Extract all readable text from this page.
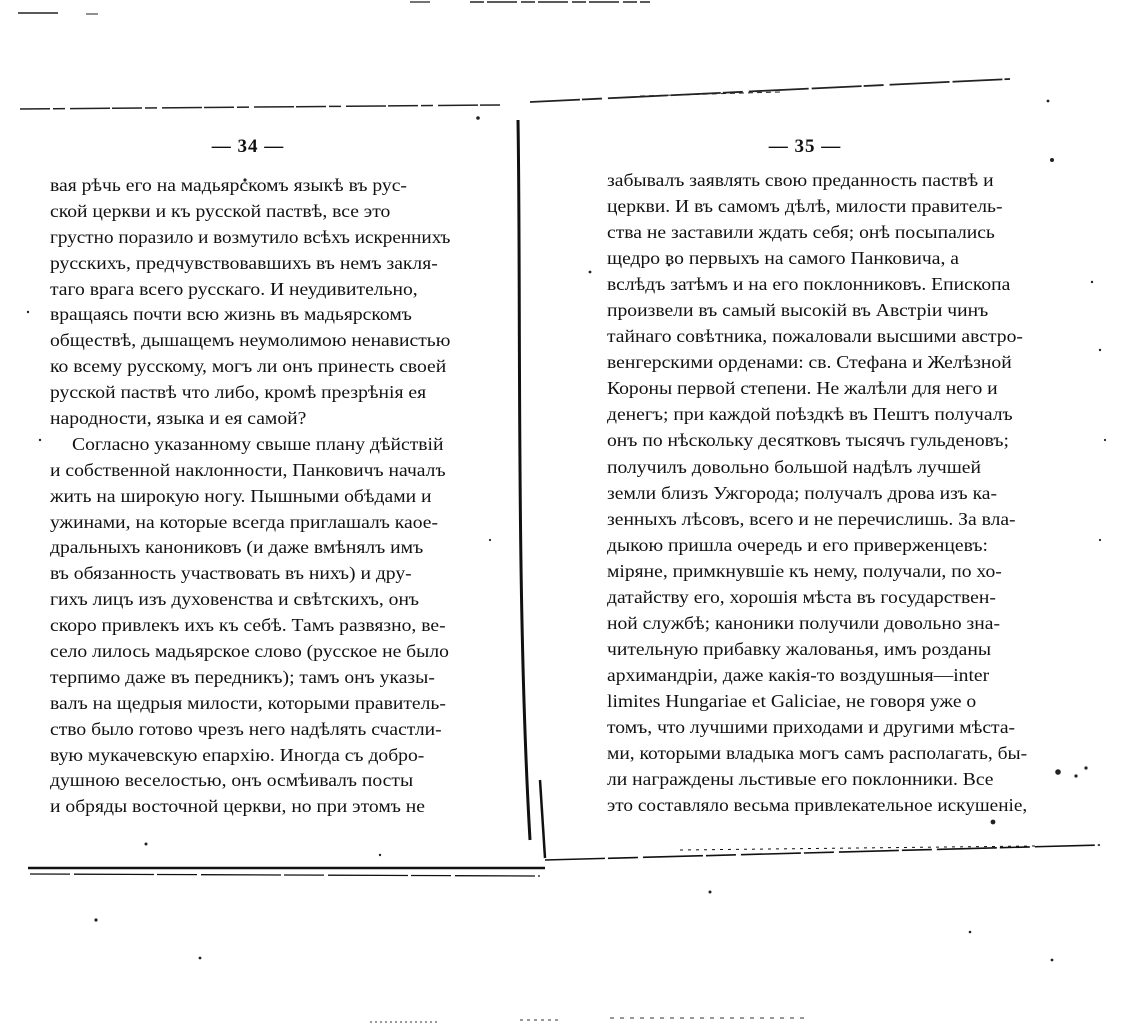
— 34 —	— 35 —
вая рѣчь его на мадьярскомъ языкѣ въ рус-
ской церкви и къ русской паствѣ, все это
грустно поразило и возмутило всѣхъ искреннихъ
русскихъ, предчувствовавшихъ въ немъ закля-
таго врага всего русскаго. И неудивительно,
вращаясь почти всю жизнь въ мадьярскомъ
обществѣ, дышащемъ неумолимою ненавистью
ко всему русскому, могъ ли онъ принесть своей
русской паствѣ что либо, кромѣ презрѣнія ея
народности, языка и ея самой?
Согласно указанному свыше плану дѣйствій
и собственной наклонности, Панковичъ началъ
жить на широкую ногу. Пышными обѣдами и
ужинами, на которые всегда приглашалъ каое-
дральныхъ канониковъ (и даже вмѣнялъ имъ
въ обязанность участвовать въ нихъ) и дру-
гихъ лицъ изъ духовенства и свѣтскихъ, онъ
скоро привлекъ ихъ къ себѣ. Тамъ развязно, ве-
село лилось мадьярское слово (русское не было
терпимо даже въ передникъ); тамъ онъ указы-
валъ на щедрыя милости, которыми правитель-
ство было готово чрезъ него надѣлять счастли-
вую мукачевскую епархію. Иногда съ добро-
душною веселостью, онъ осмѣивалъ посты
и обряды восточной церкви, но при этомъ не
забывалъ заявлять свою преданность паствѣ и
церкви. И въ самомъ дѣлѣ, милости правитель-
ства не заставили ждать себя; онѣ посыпались
щедро во первыхъ на самого Панковича, а
вслѣдъ затѣмъ и на его поклонниковъ. Епископа
произвели въ самый высокій въ Австріи чинъ
тайнаго совѣтника, пожаловали высшими австро-
венгерскими орденами: св. Стефана и Желѣзной
Короны первой степени. Не жалѣли для него и
денегъ; при каждой поѣздкѣ въ Пештъ получалъ
онъ по нѣскольку десятковъ тысячъ гульденовъ;
получилъ довольно большой надѣлъ лучшей
земли близъ Ужгорода; получалъ дрова изъ ка-
зенныхъ лѣсовъ, всего и не перечислишь. За вла-
дыкою пришла очередь и его приверженцевъ:
міряне, примкнувшіе къ нему, получали, по хо-
датайству его, хорошія мѣста въ государствен-
ной службѣ; каноники получили довольно зна-
чительную прибавку жалованья, имъ розданы
архимандріи, даже какія-то воздушныя—inter
limites Hungariae et Galiciae, не говоря уже о
томъ, что лучшими приходами и другими мѣста-
ми, которыми владыка могъ самъ располагать, бы-
ли награждены льстивые его поклонники. Все
это составляло весьма привлекательное искушеніе,
